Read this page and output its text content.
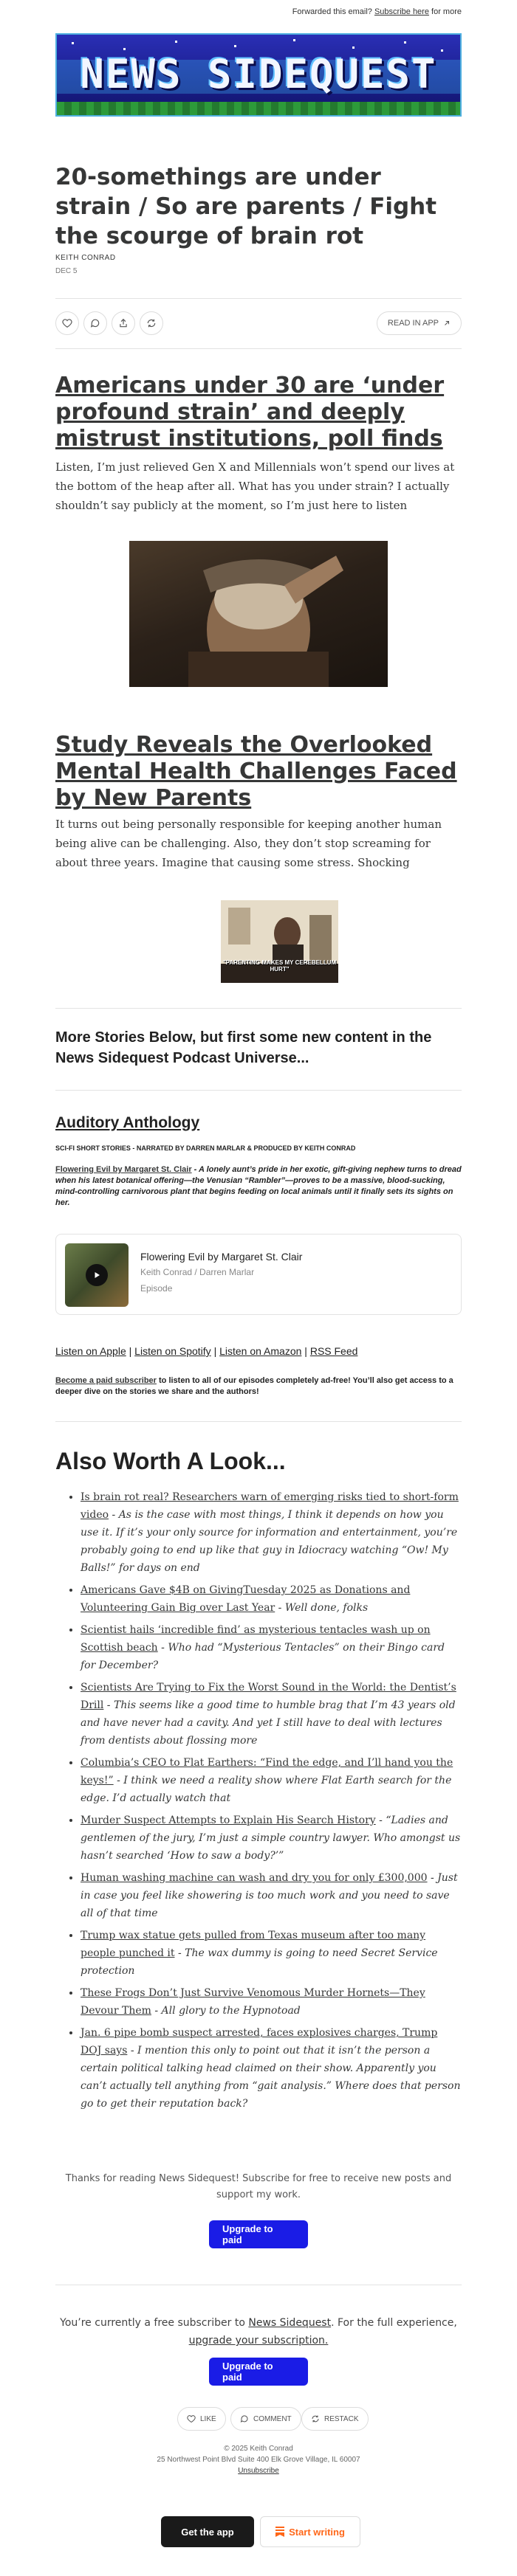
Forwarded this email? Subscribe here for more
NEWS SIDEQUEST
20-somethings are under strain / So are parents / Fight the scourge of brain rot
KEITH CONRAD
DEC 5
READ IN APP
Americans under 30 are ‘under profound strain’ and deeply mistrust institutions, poll finds

Listen, I’m just relieved Gen X and Millennials won’t spend our lives at the bottom of the heap after all. What has you under strain? I actually shouldn’t say publicly at the moment, so I’m just here to listen

Study Reveals the Overlooked Mental Health Challenges Faced by New Parents

It turns out being personally responsible for keeping another human being alive can be challenging. Also, they don’t stop screaming for about three years. Imagine that causing some stress. Shocking

"PARENTING MAKES MY CEREBELLUM HURT"
More Stories Below, but first some new content in the News Sidequest Podcast Universe...
Auditory Anthology
SCI-FI SHORT STORIES - NARRATED BY DARREN MARLAR & PRODUCED BY KEITH CONRAD
Flowering Evil by Margaret St. Clair - A lonely aunt’s pride in her exotic, gift-giving nephew turns to dread when his latest botanical offering—the Venusian “Rambler”—proves to be a massive, blood-sucking, mind-controlling carnivorous plant that begins feeding on local animals until it finally sets its sights on her.
Flowering Evil by Margaret St. Clair
Keith Conrad / Darren Marlar
Episode
Listen on Apple | Listen on Spotify | Listen on Amazon | RSS Feed
Become a paid subscriber to listen to all of our episodes completely ad-free! You’ll also get access to a deeper dive on the stories we share and the authors!
Also Worth A Look...
• Is brain rot real? Researchers warn of emerging risks tied to short-form video - As is the case with most things, I think it depends on how you use it. If it’s your only source for information and entertainment, you’re probably going to end up like that guy in Idiocracy watching “Ow! My Balls!” for days on end
• Americans Gave $4B on GivingTuesday 2025 as Donations and Volunteering Gain Big over Last Year - Well done, folks
• Scientist hails ‘incredible find’ as mysterious tentacles wash up on Scottish beach - Who had “Mysterious Tentacles” on their Bingo card for December?
• Scientists Are Trying to Fix the Worst Sound in the World: the Dentist’s Drill - This seems like a good time to humble brag that I’m 43 years old and have never had a cavity. And yet I still have to deal with lectures from dentists about flossing more
• Columbia’s CEO to Flat Earthers: “Find the edge, and I’ll hand you the keys!” - I think we need a reality show where Flat Earth search for the edge. I’d actually watch that
• Murder Suspect Attempts to Explain His Search History - “Ladies and gentlemen of the jury, I’m just a simple country lawyer. Who amongst us hasn’t searched ‘How to saw a body?’”
• Human washing machine can wash and dry you for only £300,000 - Just in case you feel like showering is too much work and you need to save all of that time
• Trump wax statue gets pulled from Texas museum after too many people punched it - The wax dummy is going to need Secret Service protection
• These Frogs Don’t Just Survive Venomous Murder Hornets—They Devour Them - All glory to the Hypnotoad
• Jan. 6 pipe bomb suspect arrested, faces explosives charges, Trump DOJ says - I mention this only to point out that it isn’t the person a certain political talking head claimed on their show. Apparently you can’t actually tell anything from “gait analysis.” Where does that person go to get their reputation back?
Thanks for reading News Sidequest! Subscribe for free to receive new posts and support my work.
Upgrade to paid
You’re currently a free subscriber to News Sidequest. For the full experience, upgrade your subscription.
Upgrade to paid
LIKE	COMMENT	RESTACK
© 2025 Keith Conrad
25 Northwest Point Blvd Suite 400 Elk Grove Village, IL 60007
Unsubscribe
Get the app	Start writing
